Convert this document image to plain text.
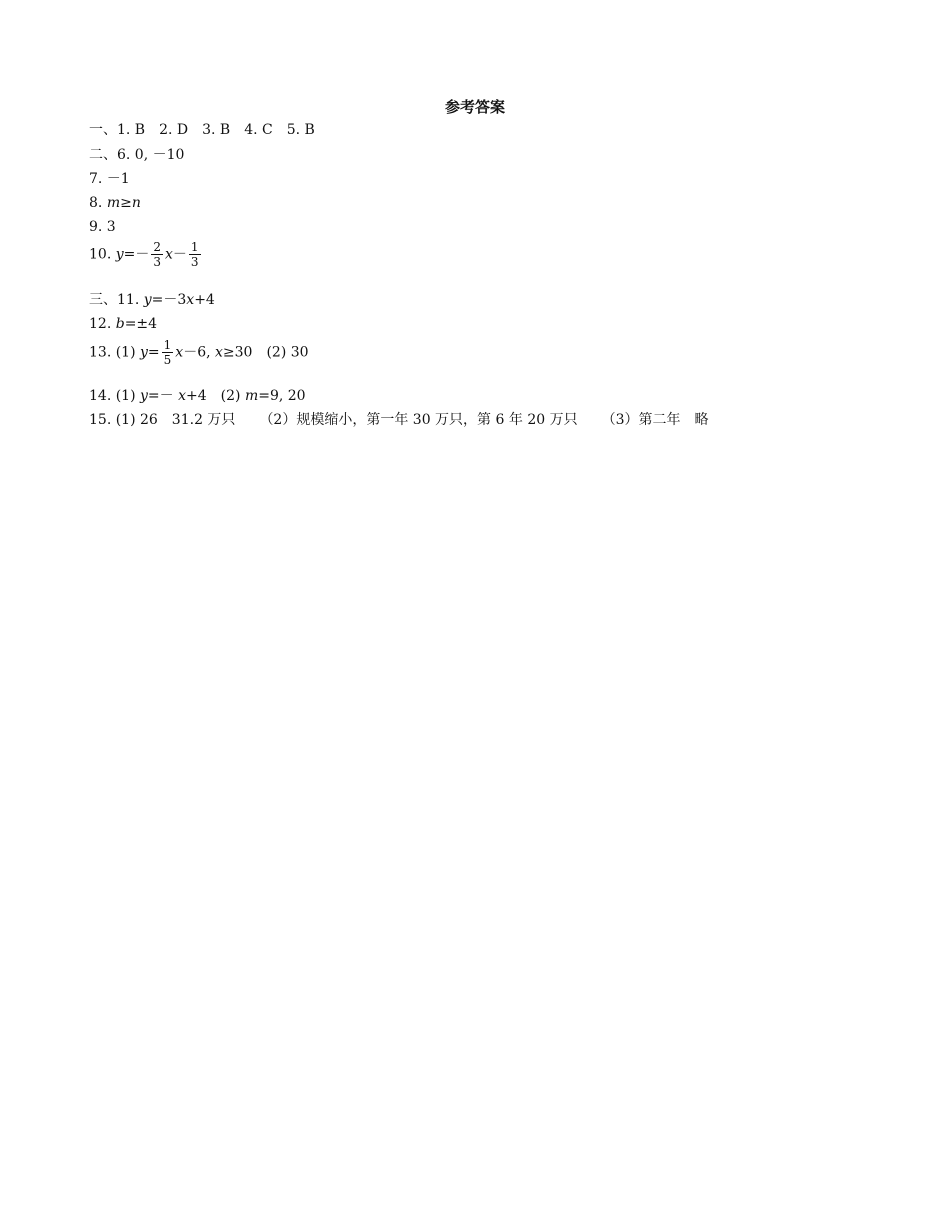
参考答案
一、1. B　2. D　3. B　4. C　5. B
二、6. 0, －10
7. －1
8. m≥n
9. 3
10. $y=- \frac{2}{3} x- \frac{1}{3}$
三、11. y=－3x+4
12. b=±4
13. (1) $y= \frac{1}{5} x-6$, x≥30 (2) 30
14. (1) y=－ x+4 (2) m=9, 20
15. (1) 26　31.2 万只 （2）规模缩小，第一年 30 万只，第 6 年 20 万只 （3）第二年　略
